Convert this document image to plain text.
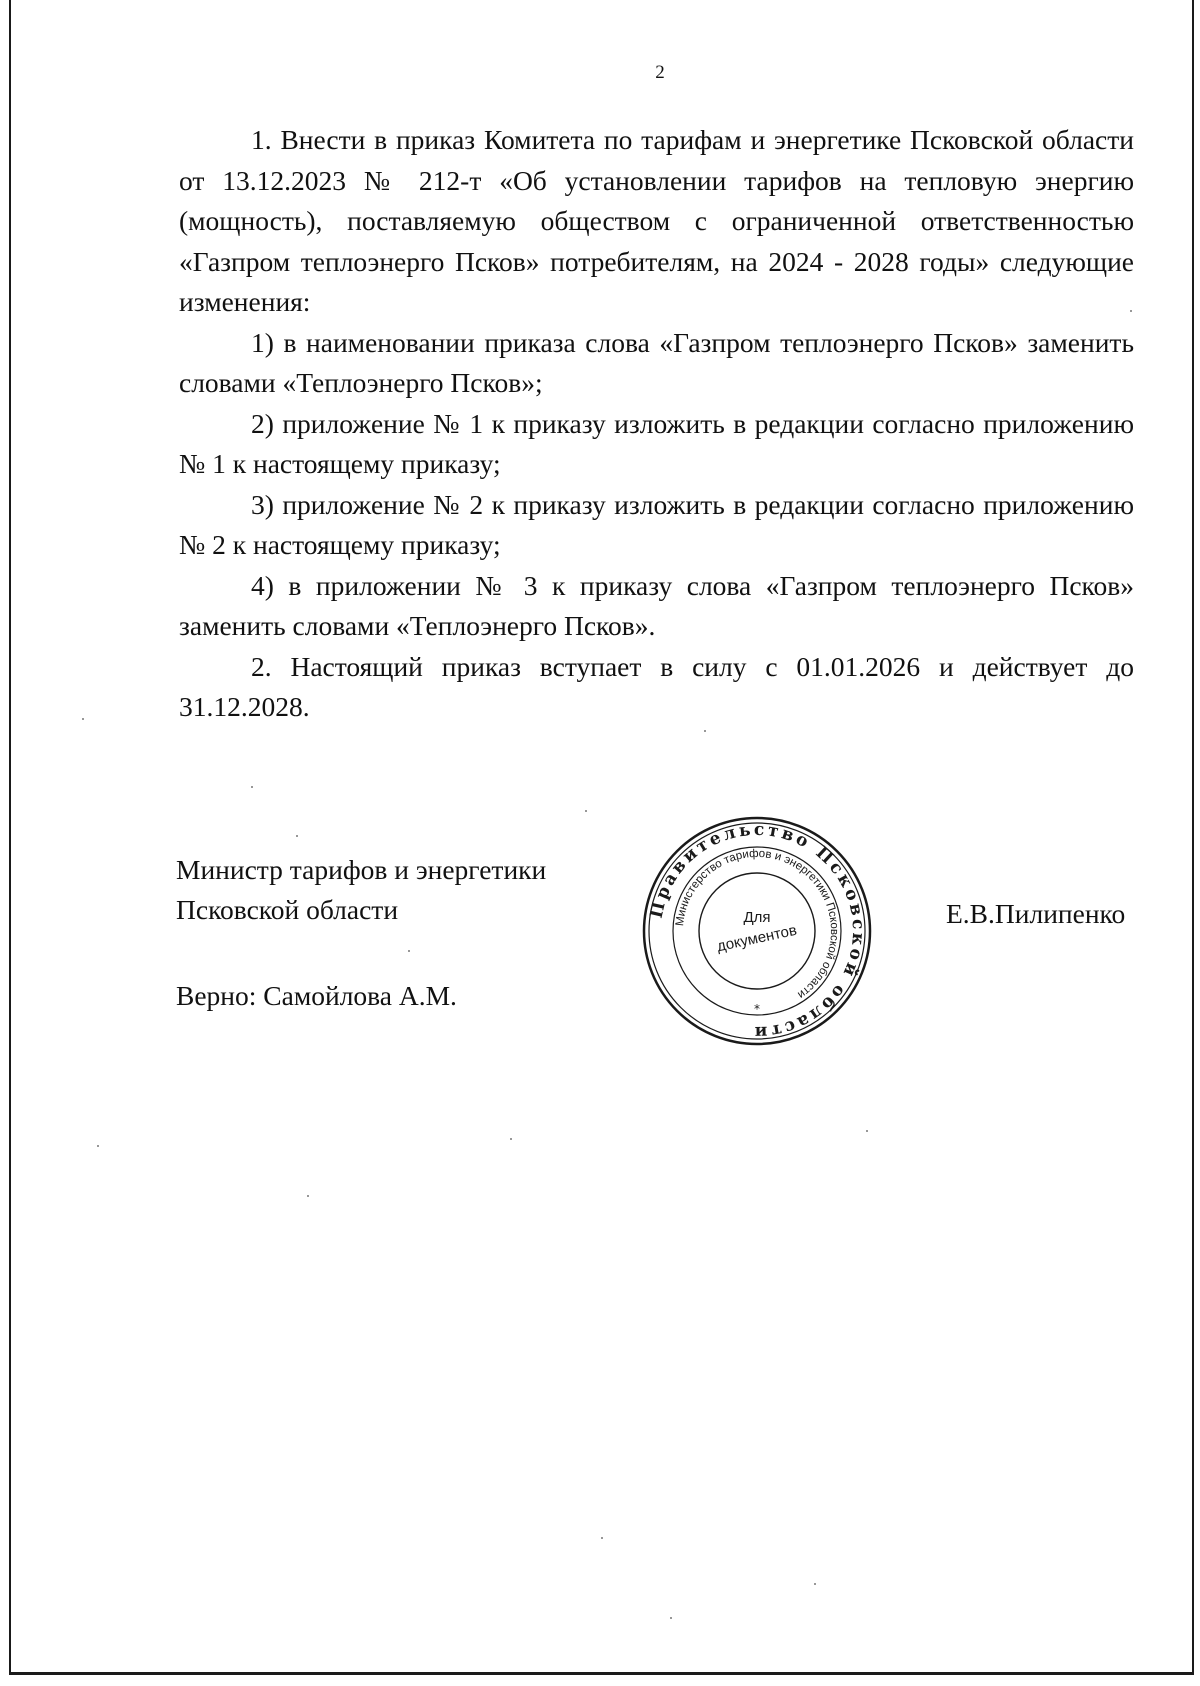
2

1. Внести в приказ Комитета по тарифам и энергетике Псковской области от 13.12.2023 № 212-т «Об установлении тарифов на тепловую энергию (мощность), поставляемую обществом с ограниченной ответственностью «Газпром теплоэнерго Псков» потребителям, на 2024 - 2028 годы» следующие изменения:

1) в наименовании приказа слова «Газпром теплоэнерго Псков» заменить словами «Теплоэнерго Псков»;

2) приложение № 1 к приказу изложить в редакции согласно приложению № 1 к настоящему приказу;

3) приложение № 2 к приказу изложить в редакции согласно приложению № 2 к настоящему приказу;

4) в приложении № 3 к приказу слова «Газпром теплоэнерго Псков» заменить словами «Теплоэнерго Псков».

2. Настоящий приказ вступает в силу с 01.01.2026 и действует до 31.12.2028.

Министр тарифов и энергетики
Псковской области	Е.В.Пилипенко
Верно: Самойлова А.М.
Правительство Псковской области
Министерство тарифов и энергетики Псковской области
Для
документов
*
